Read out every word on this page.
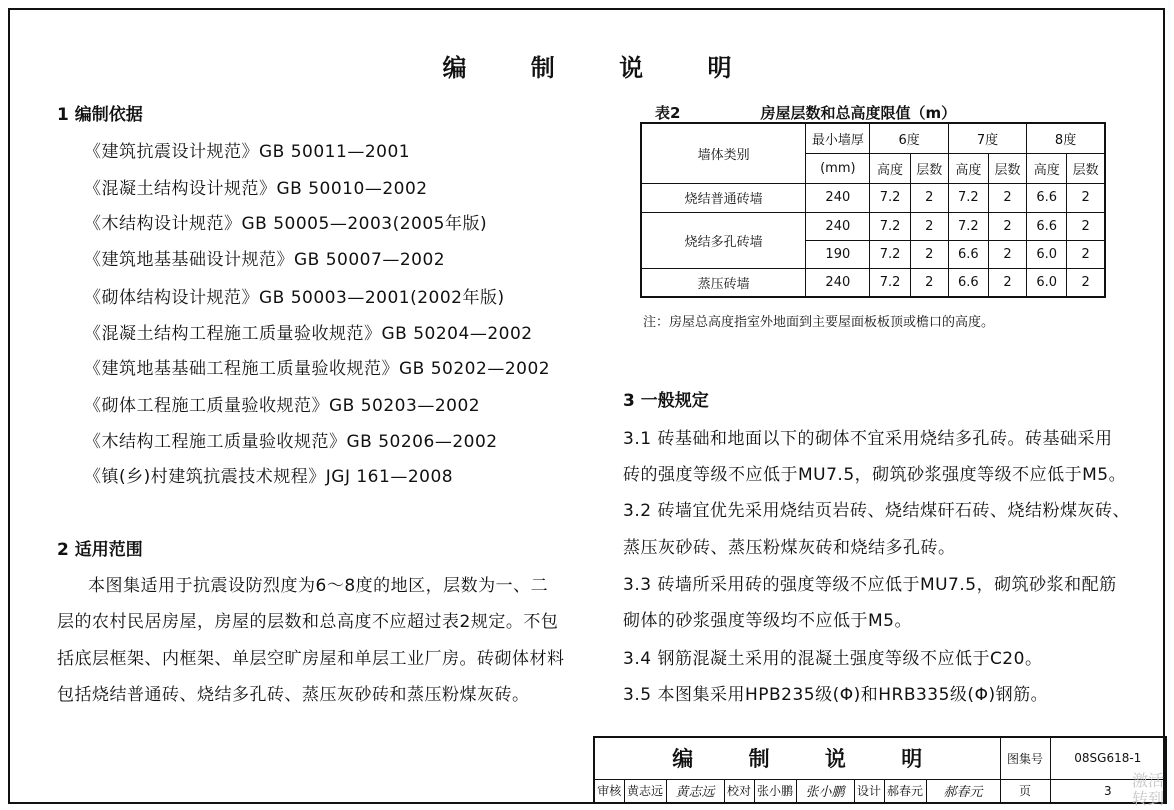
编 制 说 明
1 编制依据
《建筑抗震设计规范》GB 50011—2001
《混凝土结构设计规范》GB 50010—2002
《木结构设计规范》GB 50005—2003(2005年版)
《建筑地基基础设计规范》GB 50007—2002
《砌体结构设计规范》GB 50003—2001(2002年版)
《混凝土结构工程施工质量验收规范》GB 50204—2002
《建筑地基基础工程施工质量验收规范》GB 50202—2002
《砌体工程施工质量验收规范》GB 50203—2002
《木结构工程施工质量验收规范》GB 50206—2002
《镇(乡)村建筑抗震技术规程》JGJ 161—2008
2 适用范围
本图集适用于抗震设防烈度为6～8度的地区，层数为一、二
层的农村民居房屋，房屋的层数和总高度不应超过表2规定。不包
括底层框架、内框架、单层空旷房屋和单层工业厂房。砖砌体材料
包括烧结普通砖、烧结多孔砖、蒸压灰砂砖和蒸压粉煤灰砖。
表2	房屋层数和总高度限值（m）
墙体类别	最小墙厚	6度		7度		8度	
	(mm)	高度	层数	高度	层数	高度	层数
烧结普通砖墙	240	7.2	2	7.2	2	6.6	2
烧结多孔砖墙	240	7.2	2	7.2	2	6.6	2
	190	7.2	2	6.6	2	6.0	2
蒸压砖墙	240	7.2	2	6.6	2	6.0	2
注：房屋总高度指室外地面到主要屋面板板顶或檐口的高度。
3 一般规定
3.1 砖基础和地面以下的砌体不宜采用烧结多孔砖。砖基础采用
砖的强度等级不应低于MU7.5，砌筑砂浆强度等级不应低于M5。
3.2 砖墙宜优先采用烧结页岩砖、烧结煤矸石砖、烧结粉煤灰砖、
蒸压灰砂砖、蒸压粉煤灰砖和烧结多孔砖。
3.3 砖墙所采用砖的强度等级不应低于MU7.5，砌筑砂浆和配筋
砌体的砂浆强度等级均不应低于M5。
3.4 钢筋混凝土采用的混凝土强度等级不应低于C20。
3.5 本图集采用HPB235级(Φ)和HRB335级(Φ)钢筋。
编 制 说 明									图集号	08SG618-1
审核	黄志远	黄志远	校对	张小鹏	张小鹏	设计	郝春元	郝春元	页	3
激活
转到
